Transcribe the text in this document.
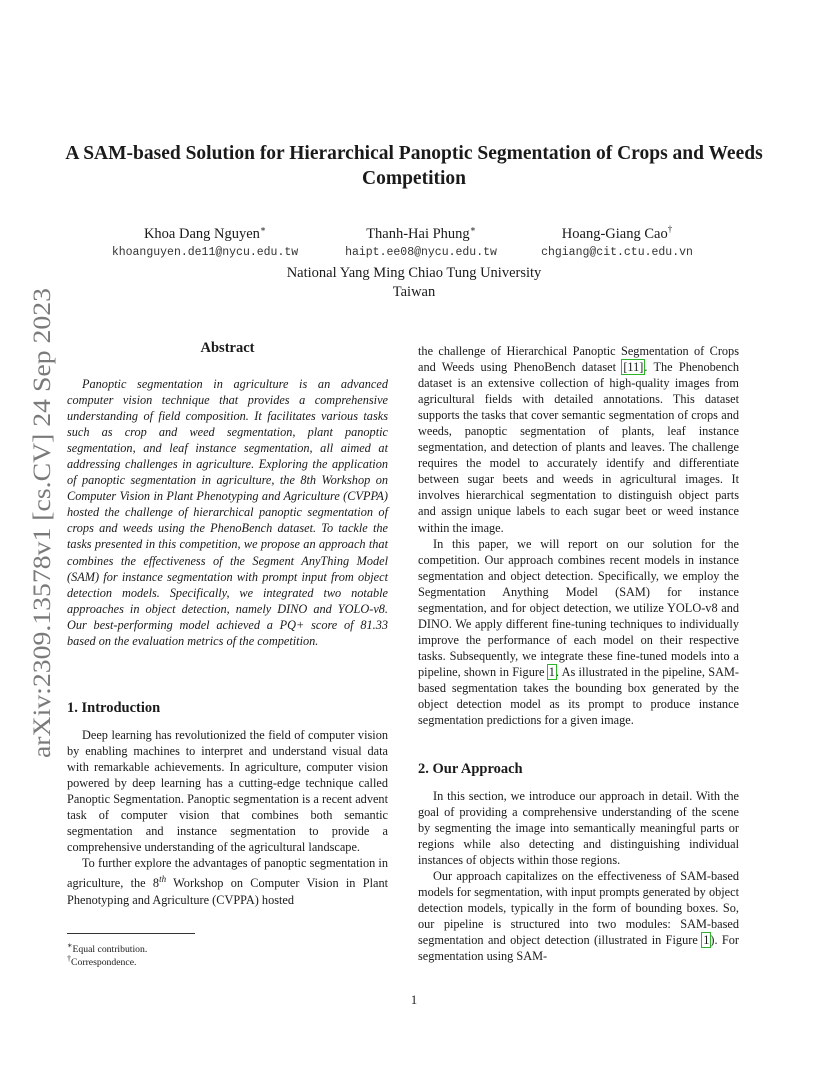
arXiv:2309.13578v1 [cs.CV] 24 Sep 2023
A SAM-based Solution for Hierarchical Panoptic Segmentation of Crops and Weeds Competition
Khoa Dang Nguyen∗
khoanguyen.de11@nycu.edu.tw
Thanh-Hai Phung∗
haipt.ee08@nycu.edu.tw
Hoang-Giang Cao†
chgiang@cit.ctu.edu.vn
National Yang Ming Chiao Tung University
Taiwan
Abstract

Panoptic segmentation in agriculture is an advanced computer vision technique that provides a comprehensive understanding of field composition. It facilitates various tasks such as crop and weed segmentation, plant panoptic segmentation, and leaf instance segmentation, all aimed at addressing challenges in agriculture. Exploring the application of panoptic segmentation in agriculture, the 8th Workshop on Computer Vision in Plant Phenotyping and Agriculture (CVPPA) hosted the challenge of hierarchical panoptic segmentation of crops and weeds using the PhenoBench dataset. To tackle the tasks presented in this competition, we propose an approach that combines the effectiveness of the Segment AnyThing Model (SAM) for instance segmentation with prompt input from object detection models. Specifically, we integrated two notable approaches in object detection, namely DINO and YOLO-v8. Our best-performing model achieved a PQ+ score of 81.33 based on the evaluation metrics of the competition.

1. Introduction

Deep learning has revolutionized the field of computer vision by enabling machines to interpret and understand visual data with remarkable achievements. In agriculture, computer vision powered by deep learning has a cutting-edge technique called Panoptic Segmentation. Panoptic segmentation is a recent advent task of computer vision that combines both semantic segmentation and instance segmentation to provide a comprehensive understanding of the agricultural landscape.

To further explore the advantages of panoptic segmentation in agriculture, the 8th Workshop on Computer Vision in Plant Phenotyping and Agriculture (CVPPA) hosted

the challenge of Hierarchical Panoptic Segmentation of Crops and Weeds using PhenoBench dataset [11]. The Phenobench dataset is an extensive collection of high-quality images from agricultural fields with detailed annotations. This dataset supports the tasks that cover semantic segmentation of crops and weeds, panoptic segmentation of plants, leaf instance segmentation, and detection of plants and leaves. The challenge requires the model to accurately identify and differentiate between sugar beets and weeds in agricultural images. It involves hierarchical segmentation to distinguish object parts and assign unique labels to each sugar beet or weed instance within the image.

In this paper, we will report on our solution for the competition. Our approach combines recent models in instance segmentation and object detection. Specifically, we employ the Segmentation Anything Model (SAM) for instance segmentation, and for object detection, we utilize YOLO-v8 and DINO. We apply different fine-tuning techniques to individually improve the performance of each model on their respective tasks. Subsequently, we integrate these fine-tuned models into a pipeline, shown in Figure 1. As illustrated in the pipeline, SAM-based segmentation takes the bounding box generated by the object detection model as its prompt to produce instance segmentation predictions for a given image.

2. Our Approach

In this section, we introduce our approach in detail. With the goal of providing a comprehensive understanding of the scene by segmenting the image into semantically meaningful parts or regions while also detecting and distinguishing individual instances of objects within those regions.

Our approach capitalizes on the effectiveness of SAM-based models for segmentation, with input prompts generated by object detection models, typically in the form of bounding boxes. So, our pipeline is structured into two modules: SAM-based segmentation and object detection (illustrated in Figure 1). For segmentation using SAM-

∗Equal contribution.
†Correspondence.
1
